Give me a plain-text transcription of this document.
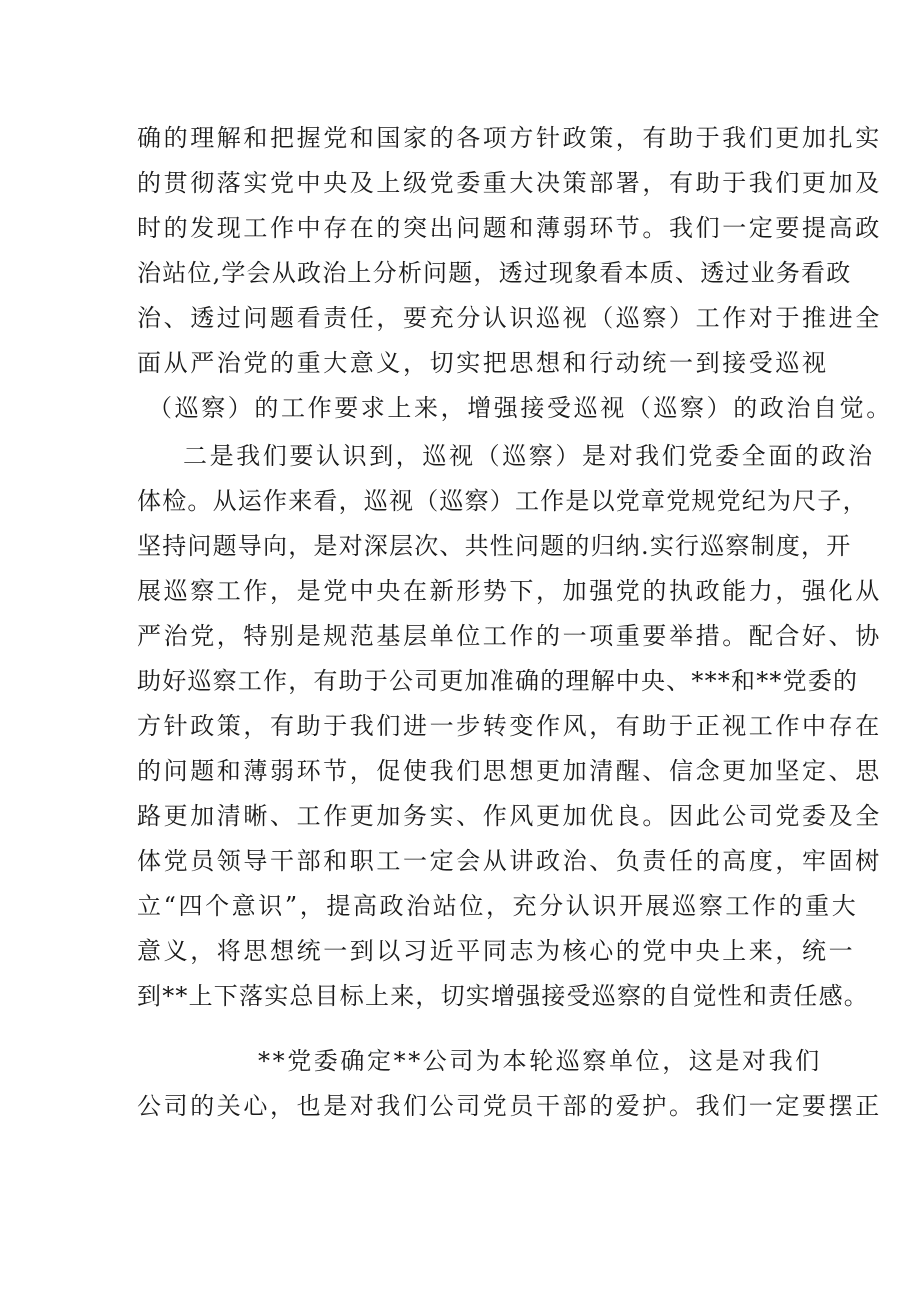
确的理解和把握党和国家的各项方针政策，有助于我们更加扎实
的贯彻落实党中央及上级党委重大决策部署，有助于我们更加及
时的发现工作中存在的突出问题和薄弱环节。我们一定要提高政
治站位,学会从政治上分析问题，透过现象看本质、透过业务看政
治、透过问题看责任，要充分认识巡视（巡察）工作对于推进全
面从严治党的重大意义，切实把思想和行动统一到接受巡视
（巡察）的工作要求上来，增强接受巡视（巡察）的政治自觉。
二是我们要认识到，巡视（巡察）是对我们党委全面的政治
体检。从运作来看，巡视（巡察）工作是以党章党规党纪为尺子，
坚持问题导向，是对深层次、共性问题的归纳.实行巡察制度，开
展巡察工作，是党中央在新形势下，加强党的执政能力，强化从
严治党，特别是规范基层单位工作的一项重要举措。配合好、协
助好巡察工作，有助于公司更加准确的理解中央、***和**党委的
方针政策，有助于我们进一步转变作风，有助于正视工作中存在
的问题和薄弱环节，促使我们思想更加清醒、信念更加坚定、思
路更加清晰、工作更加务实、作风更加优良。因此公司党委及全
体党员领导干部和职工一定会从讲政治、负责任的高度，牢固树
立“四个意识”，提高政治站位，充分认识开展巡察工作的重大
意义，将思想统一到以习近平同志为核心的党中央上来，统一
到**上下落实总目标上来，切实增强接受巡察的自觉性和责任感。
**党委确定**公司为本轮巡察单位，这是对我们
公司的关心，也是对我们公司党员干部的爱护。我们一定要摆正
